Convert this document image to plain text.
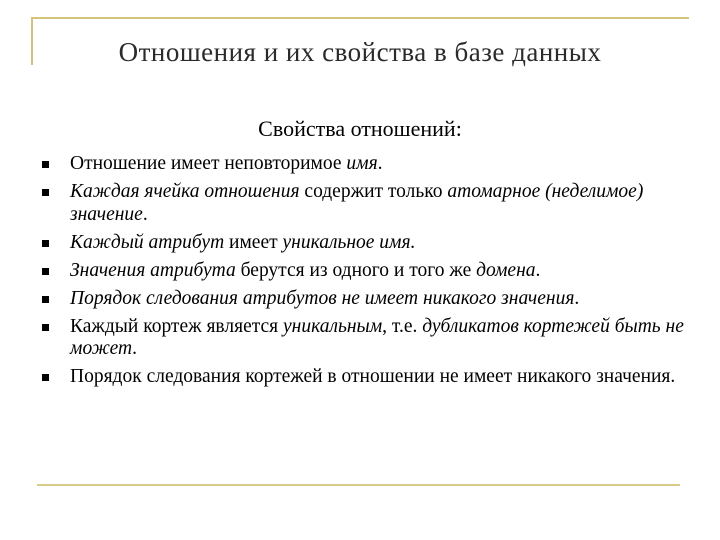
Отношения и их свойства в базе данных
Свойства отношений:
Отношение имеет неповторимое имя.
Каждая ячейка отношения содержит только атомарное (неделимое) значение.
Каждый атрибут имеет уникальное имя.
Значения атрибута берутся из одного и того же домена.
Порядок следования атрибутов не имеет никакого значения.
Каждый кортеж является уникальным, т.е. дубликатов кортежей быть не может.
Порядок следования кортежей в отношении не имеет никакого значения.
